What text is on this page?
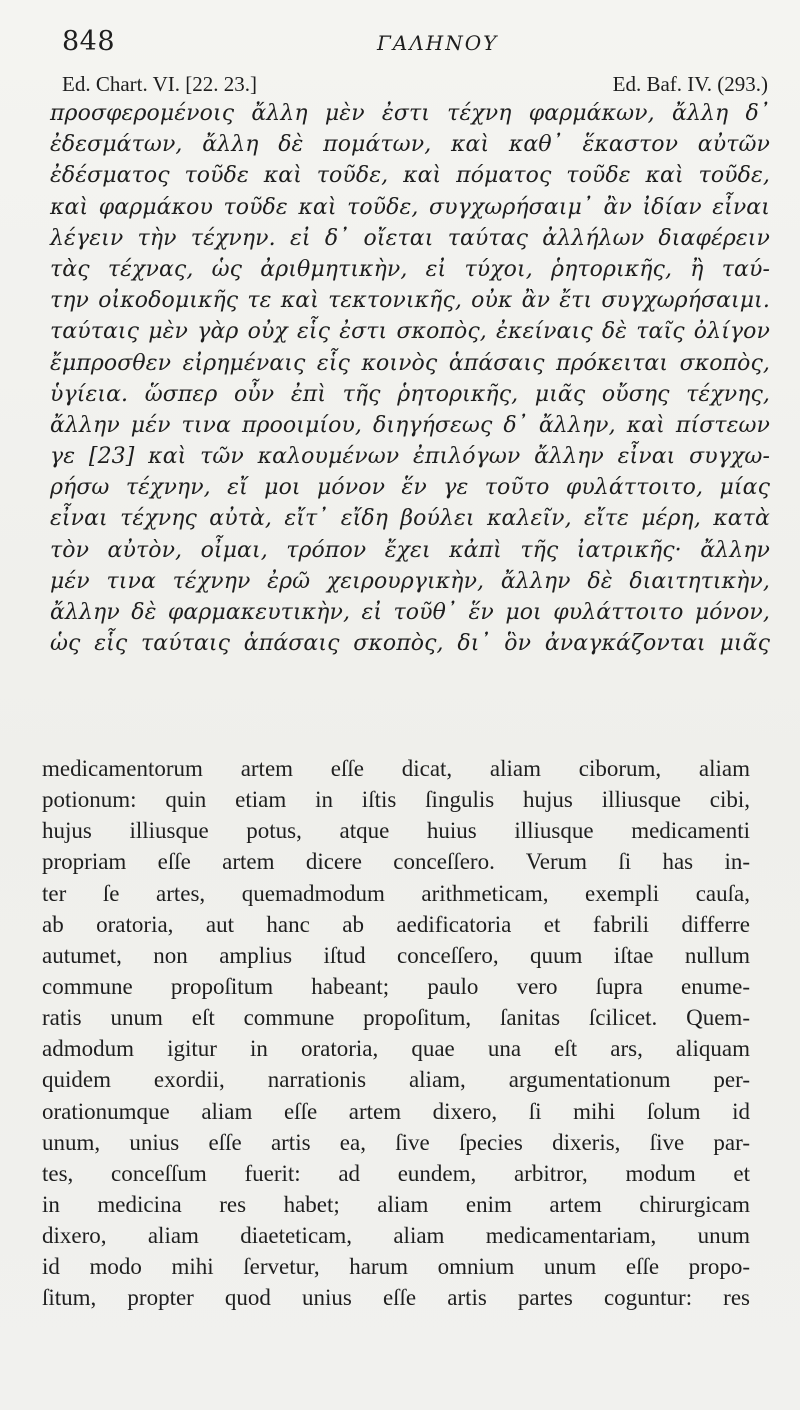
848	ΓΑΛΗΝΟΥ
Ed. Chart. VI. [22. 23.]	Ed. Baf. IV. (293.)
προσφερομένοις ἄλλη μὲν ἐστι τέχνη φαρμάκων, ἄλλη δ᾽
ἐδεσμάτων, ἄλλη δὲ πομάτων, καὶ καθ᾽ ἕκαστον αὐτῶν
ἐδέσματος τοῦδε καὶ τοῦδε, καὶ πόματος τοῦδε καὶ τοῦδε,
καὶ φαρμάκου τοῦδε καὶ τοῦδε, συγχωρήσαιμ᾽ ἂν ἰδίαν εἶναι
λέγειν τὴν τέχνην. εἰ δ᾽ οἴεται ταύτας ἀλλήλων διαφέρειν
τὰς τέχνας, ὡς ἀριθμητικὴν, εἰ τύχοι, ῥητορικῆς, ἢ ταύ-
την οἰκοδομικῆς τε καὶ τεκτονικῆς, οὐκ ἂν ἔτι συγχωρήσαιμι.
ταύταις μὲν γὰρ οὐχ εἷς ἐστι σκοπὸς, ἐκείναις δὲ ταῖς ὀλίγον
ἔμπροσθεν εἰρημέναις εἷς κοινὸς ἁπάσαις πρόκειται σκοπὸς,
ὑγίεια. ὥσπερ οὖν ἐπὶ τῆς ῥητορικῆς, μιᾶς οὔσης τέχνης,
ἄλλην μέν τινα προοιμίου, διηγήσεως δ᾽ ἄλλην, καὶ πίστεων
γε [23] καὶ τῶν καλουμένων ἐπιλόγων ἄλλην εἶναι συγχω-
ρήσω τέχνην, εἴ μοι μόνον ἕν γε τοῦτο φυλάττοιτο, μίας
εἶναι τέχνης αὐτὰ, εἴτ᾽ εἴδη βούλει καλεῖν, εἴτε μέρη, κατὰ
τὸν αὐτὸν, οἶμαι, τρόπον ἔχει κἀπὶ τῆς ἰατρικῆς· ἄλλην
μέν τινα τέχνην ἐρῶ χειρουργικὴν, ἄλλην δὲ διαιτητικὴν,
ἄλλην δὲ φαρμακευτικὴν, εἰ τοῦθ᾽ ἕν μοι φυλάττοιτο μόνον,
ὡς εἷς ταύταις ἁπάσαις σκοπὸς, δι᾽ ὃν ἀναγκάζονται μιᾶς
medicamentorum artem eſſe dicat, aliam ciborum, aliam
potionum: quin etiam in iſtis ſingulis hujus illiusque cibi,
hujus illiusque potus, atque huius illiusque medicamenti
propriam eſſe artem dicere conceſſero. Verum ſi has in-
ter ſe artes, quemadmodum arithmeticam, exempli cauſa,
ab oratoria, aut hanc ab aedificatoria et fabrili differre
autumet, non amplius iſtud conceſſero, quum iſtae nullum
commune propoſitum habeant; paulo vero ſupra enume-
ratis unum eſt commune propoſitum, ſanitas ſcilicet. Quem-
admodum igitur in oratoria, quae una eſt ars, aliquam
quidem exordii, narrationis aliam, argumentationum per-
orationumque aliam eſſe artem dixero, ſi mihi ſolum id
unum, unius eſſe artis ea, ſive ſpecies dixeris, ſive par-
tes, conceſſum fuerit: ad eundem, arbitror, modum et
in medicina res habet; aliam enim artem chirurgicam
dixero, aliam diaeteticam, aliam medicamentariam, unum
id modo mihi ſervetur, harum omnium unum eſſe propo-
ſitum, propter quod unius eſſe artis partes coguntur: res
